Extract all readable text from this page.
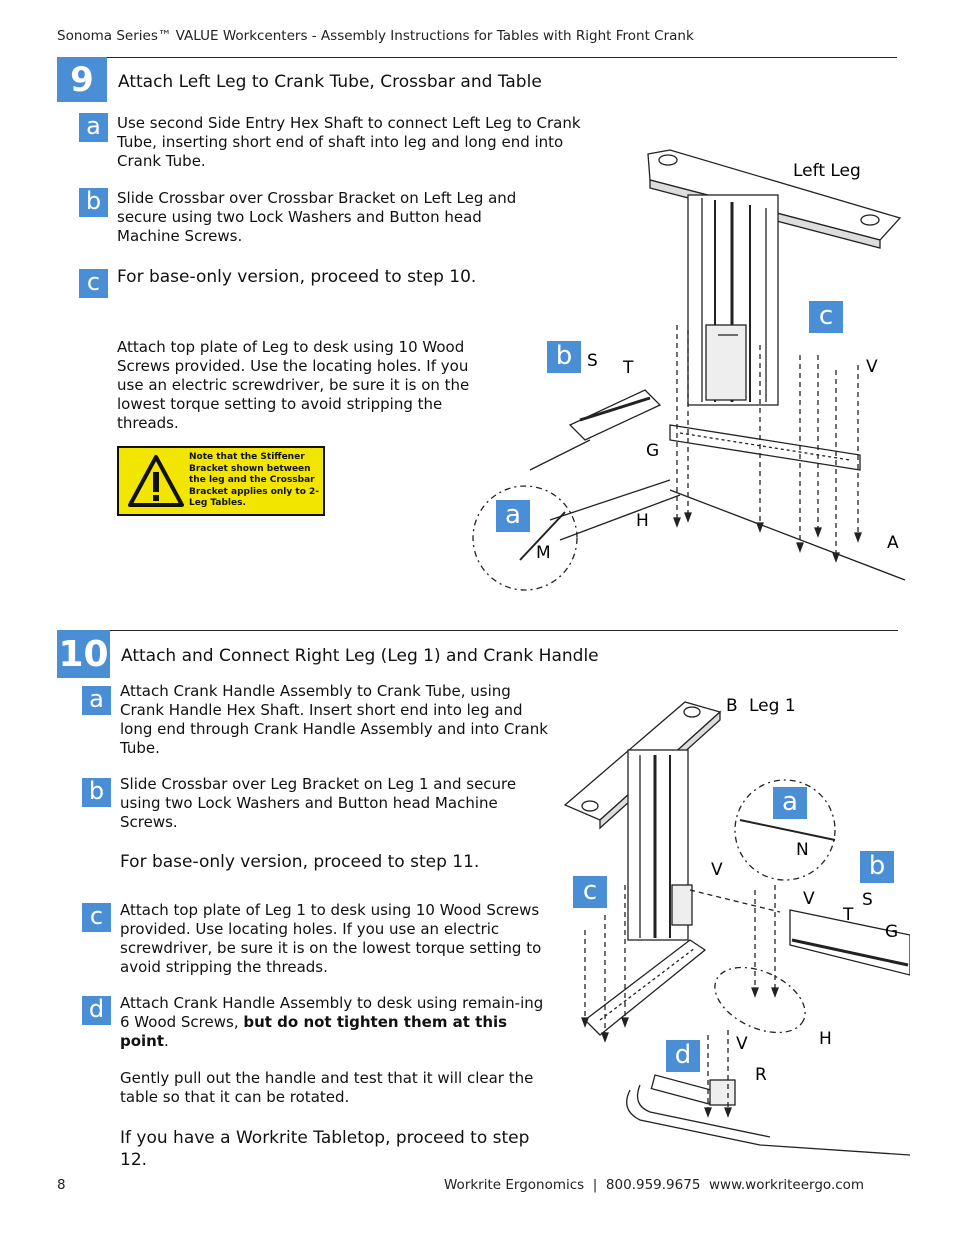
Sonoma Series™ VALUE Workcenters - Assembly Instructions for Tables with Right Front Crank
9	Attach Left Leg to Crank Tube, Crossbar and Table
a	Use second Side Entry Hex Shaft to connect Left Leg to Crank Tube, inserting short end of shaft into leg and long end into Crank Tube.
b	Slide Crossbar over Crossbar Bracket on Left Leg and secure using two Lock Washers and Button head Machine Screws.
c For base-only version, proceed to step 10.
Attach top plate of Leg to desk using 10 Wood Screws provided. Use the locating holes. If you use an electric screwdriver, be sure it is on the lowest torque setting to avoid stripping the threads.
Note that the Stiffener Bracket shown between the leg and the Crossbar Bracket applies only to 2-Leg Tables.
Left Leg
S T	V
G
H
M	A
c
b
a
10 Attach and Connect Right Leg (Leg 1) and Crank Handle
a	Attach Crank Handle Assembly to Crank Tube, using Crank Handle Hex Shaft. Insert short end into leg and long end through Crank Handle Assembly and into Crank Tube.
b	Slide Crossbar over Leg Bracket on Leg 1 and secure using two Lock Washers and Button head Machine Screws.
For base-only version, proceed to step 11.
c	Attach top plate of Leg 1 to desk using 10 Wood Screws provided. Use locating holes. If you use an electric screwdriver, be sure it is on the lowest torque setting to avoid stripping the threads.
d	Attach Crank Handle Assembly to desk using remain-ing 6 Wood Screws, but do not tighten them at this point.
Gently pull out the handle and test that it will clear the table so that it can be rotated.
If you have a Workrite Tabletop, proceed to step 12.
B Leg 1
N
V
V	S
T
G
H
V
R
a
b
c
d
8	Workrite Ergonomics  |  800.959.9675  www.workriteergo.com
